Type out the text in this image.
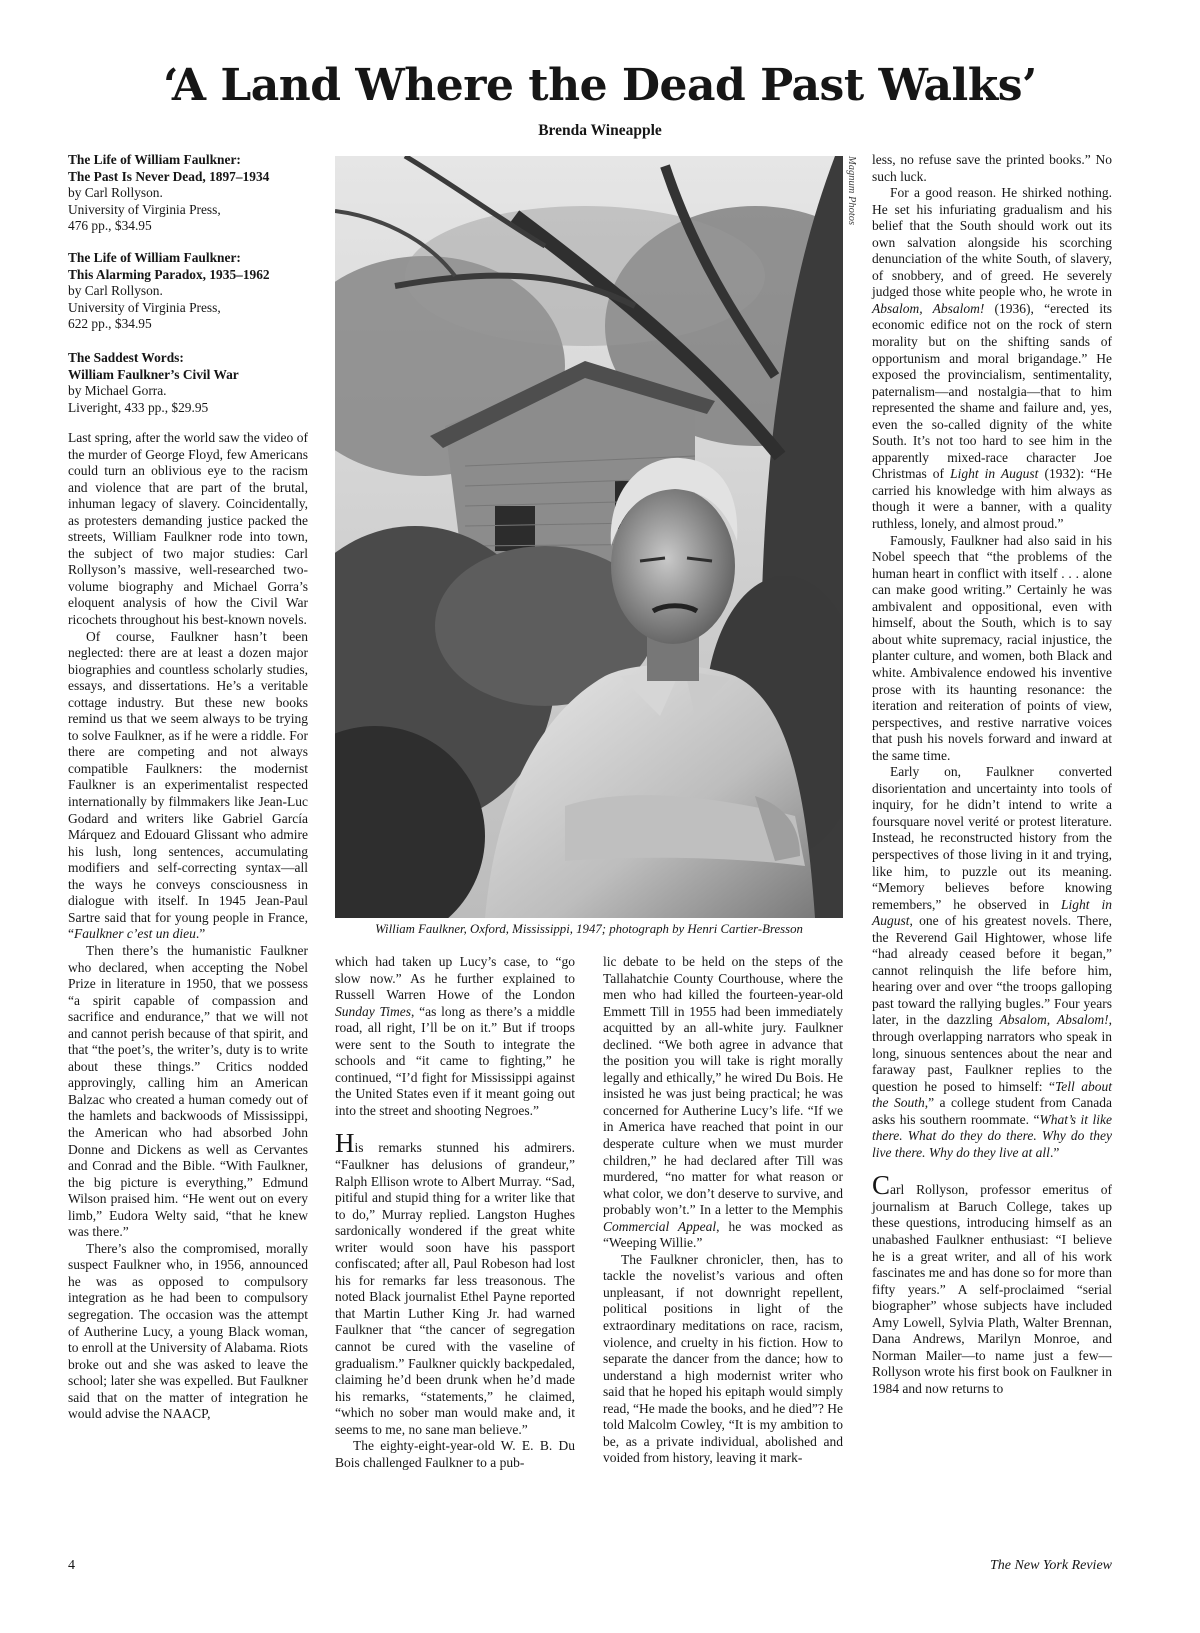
‘A Land Where the Dead Past Walks’
Brenda Wineapple
The Life of William Faulkner:
The Past Is Never Dead, 1897–1934
by Carl Rollyson.
University of Virginia Press,
476 pp., $34.95
The Life of William Faulkner:
This Alarming Paradox, 1935–1962
by Carl Rollyson.
University of Virginia Press,
622 pp., $34.95
The Saddest Words:
William Faulkner’s Civil War
by Michael Gorra.
Liveright, 433 pp., $29.95

Last spring, after the world saw the video of the murder of George Floyd, few Americans could turn an oblivious eye to the racism and violence that are part of the brutal, inhuman legacy of slavery. Coincidentally, as protesters demanding justice packed the streets, William Faulkner rode into town, the subject of two major studies: Carl Rollyson’s massive, well-researched two-volume biography and Michael Gorra’s eloquent analysis of how the Civil War ricochets throughout his best-known novels.

Of course, Faulkner hasn’t been neglected: there are at least a dozen major biographies and countless scholarly studies, essays, and dissertations. He’s a veritable cottage industry. But these new books remind us that we seem always to be trying to solve Faulkner, as if he were a riddle. For there are competing and not always compatible Faulkners: the modernist Faulkner is an experimentalist respected internationally by filmmakers like Jean-Luc Godard and writers like Gabriel García Márquez and Edouard Glissant who admire his lush, long sentences, accumulating modifiers and self-correcting syntax—all the ways he conveys consciousness in dialogue with itself. In 1945 Jean-Paul Sartre said that for young people in France, “Faulkner c’est un dieu.”

Then there’s the humanistic Faulkner who declared, when accepting the Nobel Prize in literature in 1950, that we possess “a spirit capable of compassion and sacrifice and endurance,” that we will not and cannot perish because of that spirit, and that “the poet’s, the writer’s, duty is to write about these things.” Critics nodded approvingly, calling him an American Balzac who created a human comedy out of the hamlets and backwoods of Mississippi, the American who had absorbed John Donne and Dickens as well as Cervantes and Conrad and the Bible. “With Faulkner, the big picture is everything,” Edmund Wilson praised him. “He went out on every limb,” Eudora Welty said, “that he knew was there.”

There’s also the compromised, morally suspect Faulkner who, in 1956, announced he was as opposed to compulsory integration as he had been to compulsory segregation. The occasion was the attempt of Autherine Lucy, a young Black woman, to enroll at the University of Alabama. Riots broke out and she was asked to leave the school; later she was expelled. But Faulkner said that on the matter of integration he would advise the NAACP,

Magnum Photos
William Faulkner, Oxford, Mississippi, 1947; photograph by Henri Cartier-Bresson

which had taken up Lucy’s case, to “go slow now.” As he further explained to Russell Warren Howe of the London Sunday Times, “as long as there’s a middle road, all right, I’ll be on it.” But if troops were sent to the South to integrate the schools and “it came to fighting,” he continued, “I’d fight for Mississippi against the United States even if it meant going out into the street and shooting Negroes.”

His remarks stunned his admirers. “Faulkner has delusions of grandeur,” Ralph Ellison wrote to Albert Murray. “Sad, pitiful and stupid thing for a writer like that to do,” Murray replied. Langston Hughes sardonically wondered if the great white writer would soon have his passport confiscated; after all, Paul Robeson had lost his for remarks far less treasonous. The noted Black journalist Ethel Payne reported that Martin Luther King Jr. had warned Faulkner that “the cancer of segregation cannot be cured with the vaseline of gradualism.” Faulkner quickly backpedaled, claiming he’d been drunk when he’d made his remarks, “statements,” he claimed, “which no sober man would make and, it seems to me, no sane man believe.”

The eighty-eight-year-old W. E. B. Du Bois challenged Faulkner to a pub-

lic debate to be held on the steps of the Tallahatchie County Courthouse, where the men who had killed the fourteen-year-old Emmett Till in 1955 had been immediately acquitted by an all-white jury. Faulkner declined. “We both agree in advance that the position you will take is right morally legally and ethically,” he wired Du Bois. He insisted he was just being practical; he was concerned for Autherine Lucy’s life. “If we in America have reached that point in our desperate culture when we must murder children,” he had declared after Till was murdered, “no matter for what reason or what color, we don’t deserve to survive, and probably won’t.” In a letter to the Memphis Commercial Appeal, he was mocked as “Weeping Willie.”

The Faulkner chronicler, then, has to tackle the novelist’s various and often unpleasant, if not downright repellent, political positions in light of the extraordinary meditations on race, racism, violence, and cruelty in his fiction. How to separate the dancer from the dance; how to understand a high modernist writer who said that he hoped his epitaph would simply read, “He made the books, and he died”? He told Malcolm Cowley, “It is my ambition to be, as a private individual, abolished and voided from history, leaving it mark-

less, no refuse save the printed books.” No such luck.

For a good reason. He shirked nothing. He set his infuriating gradualism and his belief that the South should work out its own salvation alongside his scorching denunciation of the white South, of slavery, of snobbery, and of greed. He severely judged those white people who, he wrote in Absalom, Absalom! (1936), “erected its economic edifice not on the rock of stern morality but on the shifting sands of opportunism and moral brigandage.” He exposed the provincialism, sentimentality, paternalism—and nostalgia—that to him represented the shame and failure and, yes, even the so-called dignity of the white South. It’s not too hard to see him in the apparently mixed-race character Joe Christmas of Light in August (1932): “He carried his knowledge with him always as though it were a banner, with a quality ruthless, lonely, and almost proud.”

Famously, Faulkner had also said in his Nobel speech that “the problems of the human heart in conflict with itself . . . alone can make good writing.” Certainly he was ambivalent and oppositional, even with himself, about the South, which is to say about white supremacy, racial injustice, the planter culture, and women, both Black and white. Ambivalence endowed his inventive prose with its haunting resonance: the iteration and reiteration of points of view, perspectives, and restive narrative voices that push his novels forward and inward at the same time.

Early on, Faulkner converted disorientation and uncertainty into tools of inquiry, for he didn’t intend to write a foursquare novel verité or protest literature. Instead, he reconstructed history from the perspectives of those living in it and trying, like him, to puzzle out its meaning. “Memory believes before knowing remembers,” he observed in Light in August, one of his greatest novels. There, the Reverend Gail Hightower, whose life “had already ceased before it began,” cannot relinquish the life before him, hearing over and over “the troops galloping past toward the rallying bugles.” Four years later, in the dazzling Absalom, Absalom!, through overlapping narrators who speak in long, sinuous sentences about the near and faraway past, Faulkner replies to the question he posed to himself: “Tell about the South,” a college student from Canada asks his southern roommate. “What’s it like there. What do they do there. Why do they live there. Why do they live at all.”

Carl Rollyson, professor emeritus of journalism at Baruch College, takes up these questions, introducing himself as an unabashed Faulkner enthusiast: “I believe he is a great writer, and all of his work fascinates me and has done so for more than fifty years.” A self-proclaimed “serial biographer” whose subjects have included Amy Lowell, Sylvia Plath, Walter Brennan, Dana Andrews, Marilyn Monroe, and Norman Mailer—to name just a few—Rollyson wrote his first book on Faulkner in 1984 and now returns to

4	The New York Review
